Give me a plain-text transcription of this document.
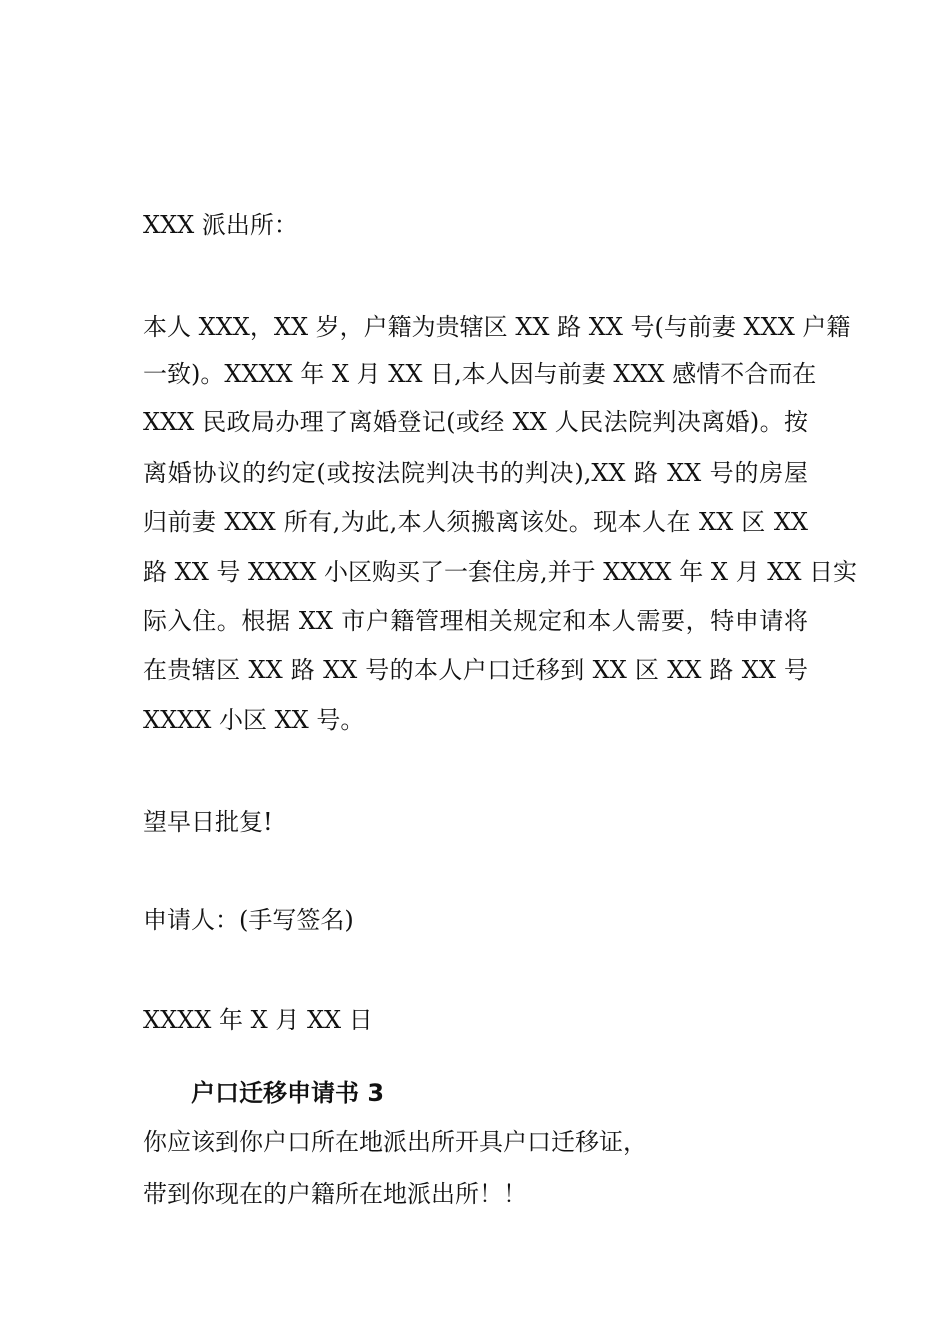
XXX 派出所：
本人 XXX，XX 岁，户籍为贵辖区 XX 路 XX 号(与前妻 XXX 户籍
一致)。XXXX 年 X 月 XX 日,本人因与前妻 XXX 感情不合而在
XXX 民政局办理了离婚登记(或经 XX 人民法院判决离婚)。按
离婚协议的约定(或按法院判决书的判决),XX 路 XX 号的房屋
归前妻 XXX 所有,为此,本人须搬离该处。现本人在 XX 区 XX
路 XX 号 XXXX 小区购买了一套住房,并于 XXXX 年 X 月 XX 日实
际入住。根据 XX 市户籍管理相关规定和本人需要，特申请将
在贵辖区 XX 路 XX 号的本人户口迁移到 XX 区 XX 路 XX 号
XXXX 小区 XX 号。
望早日批复!
申请人：(手写签名)
XXXX 年 X 月 XX 日
户口迁移申请书 3
你应该到你户口所在地派出所开具户口迁移证，
带到你现在的户籍所在地派出所！！
